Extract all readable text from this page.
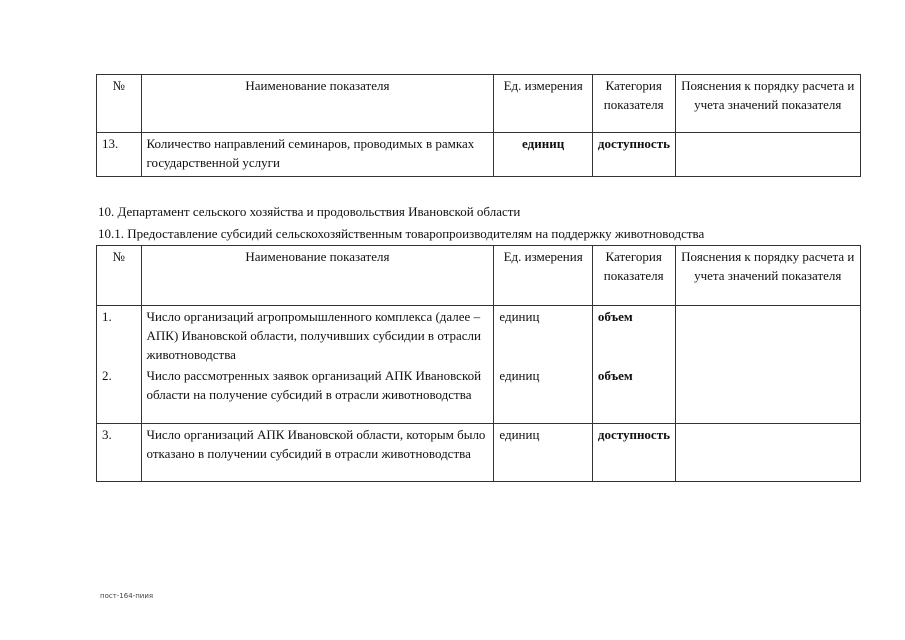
№	Наименование показателя	Ед. измерения	Категория показателя	Пояснения к порядку расчета и учета значений показателя
13.	Количество направлений семинаров, проводимых в рамках государственной услуги	единиц	доступность	
10. Департамент сельского хозяйства и продовольствия Ивановской области
10.1. Предоставление субсидий сельскохозяйственным товаропроизводителям на поддержку животноводства
№	Наименование показателя	Ед. измерения	Категория показателя	Пояснения к порядку расчета и учета значений показателя
1.	Число организаций агропромышленного комплекса (далее – АПК) Ивановской области, получивших субсидии в отрасли животноводства	единиц	объем	
2.	Число рассмотренных заявок организаций АПК Ивановской области на получение субсидий в отрасли животноводства	единиц	объем	
3.	Число организаций АПК Ивановской области, которым было отказано в получении субсидий в отрасли животноводства	единиц	доступность	
пост-164-пиия
